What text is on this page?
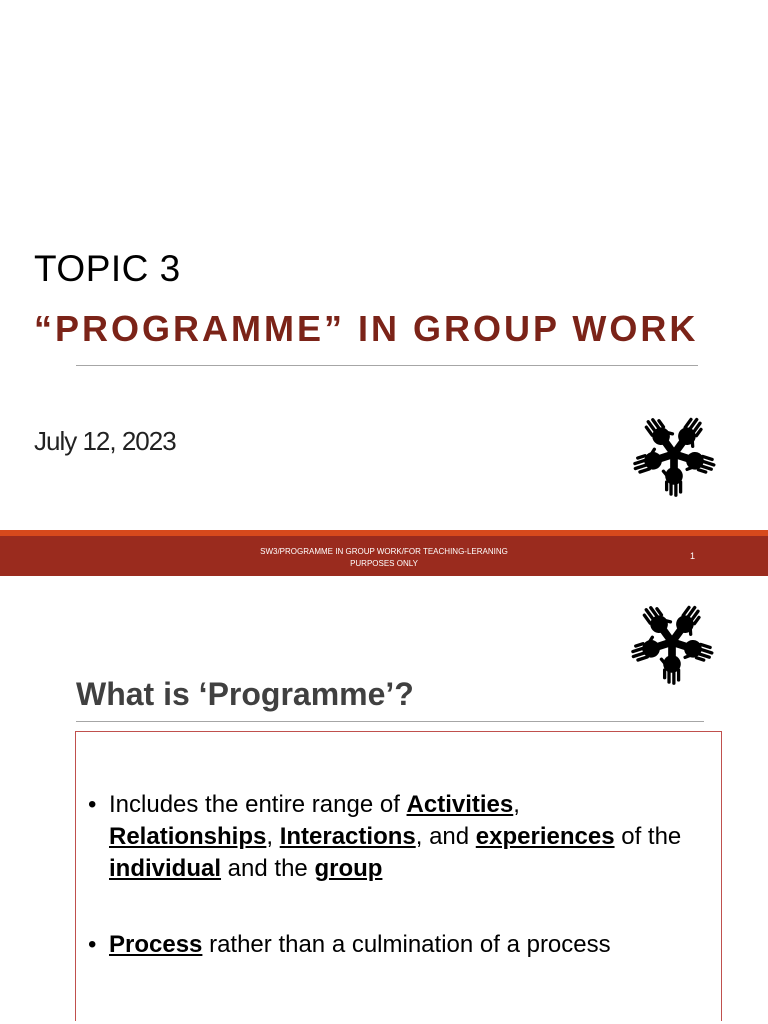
TOPIC 3
“PROGRAMME” IN GROUP WORK
July 12, 2023
SW3/PROGRAMME IN GROUP WORK/FOR TEACHING-LERANING
PURPOSES ONLY
1
What is ‘Programme’?

• Includes the entire range of Activities,
Relationships, Interactions, and experiences of the individual and the group

• Process rather than a culmination of a process
